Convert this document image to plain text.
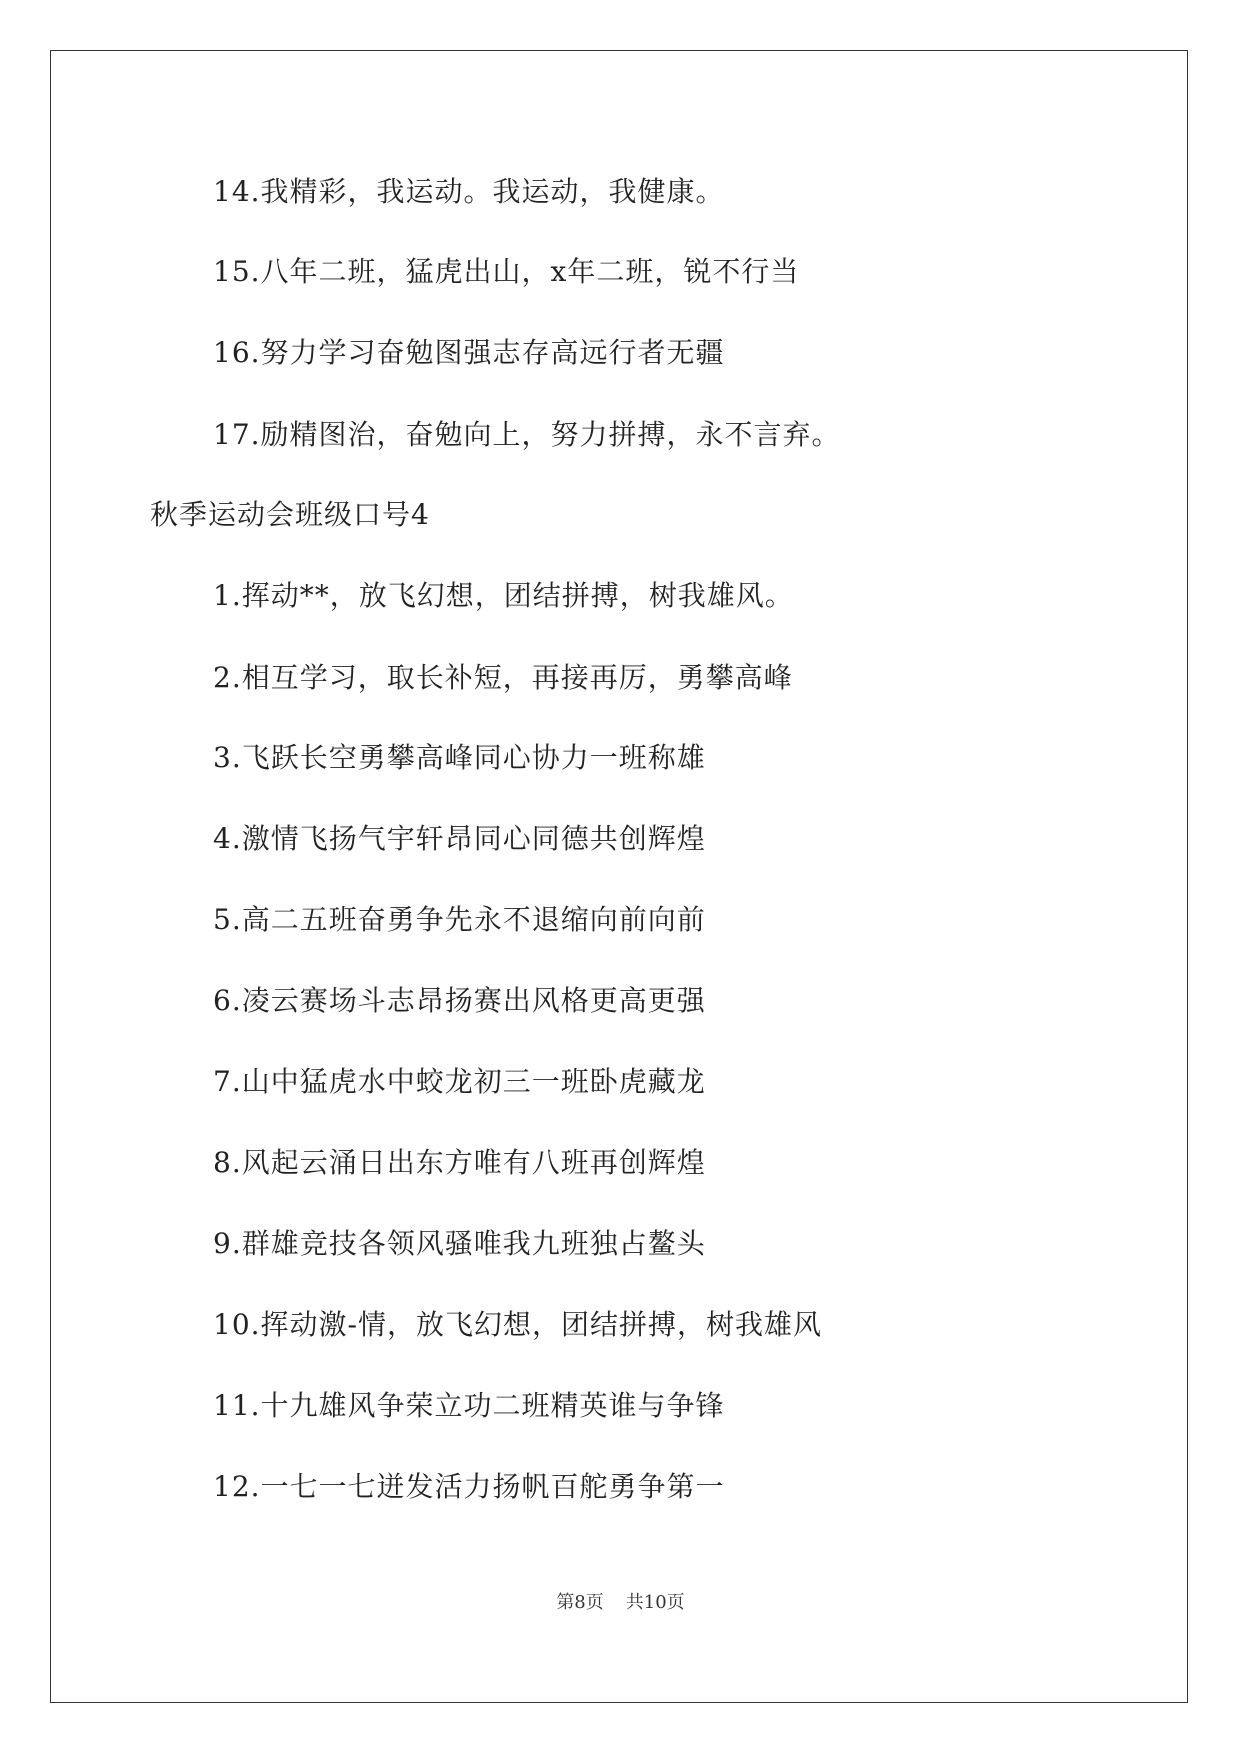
14.我精彩，我运动。我运动，我健康。
15.八年二班，猛虎出山，x年二班，锐不行当
16.努力学习奋勉图强志存高远行者无疆
17.励精图治，奋勉向上，努力拼搏，永不言弃。
秋季运动会班级口号4
1.挥动**，放飞幻想，团结拼搏，树我雄风。
2.相互学习，取长补短，再接再厉，勇攀高峰
3.飞跃长空勇攀高峰同心协力一班称雄
4.激情飞扬气宇轩昂同心同德共创辉煌
5.高二五班奋勇争先永不退缩向前向前
6.凌云赛场斗志昂扬赛出风格更高更强
7.山中猛虎水中蛟龙初三一班卧虎藏龙
8.风起云涌日出东方唯有八班再创辉煌
9.群雄竞技各领风骚唯我九班独占鳌头
10.挥动激-情，放飞幻想，团结拼搏，树我雄风
11.十九雄风争荣立功二班精英谁与争锋
12.一七一七迸发活力扬帆百舵勇争第一
第8页 共10页
